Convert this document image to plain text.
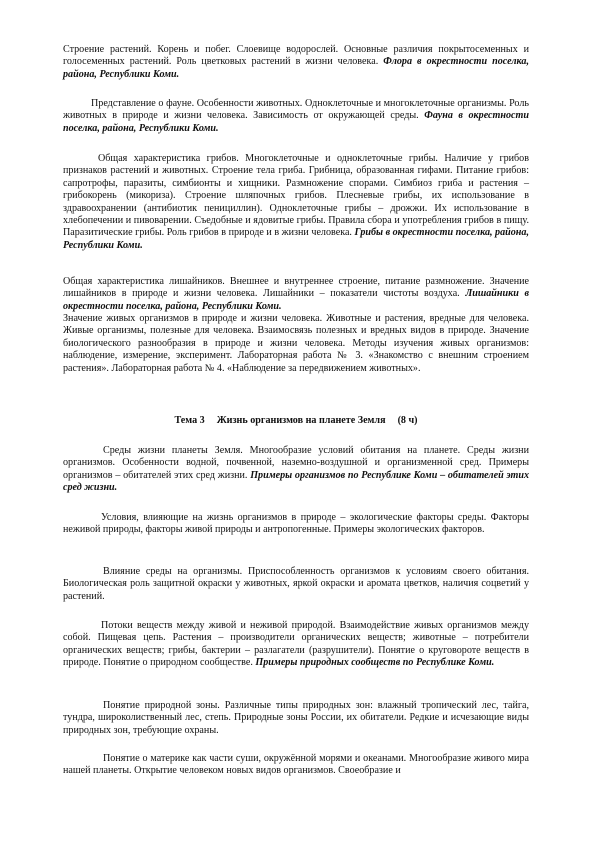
Строение растений. Корень и побег. Слоевище водорослей. Основные различия покрытосеменных и голосеменных растений. Роль цветковых растений в жизни человека. Флора в окрестности поселка, района, Республики Коми.

Представление о фауне. Особенности животных. Одноклеточные и многоклеточные организмы. Роль животных в природе и жизни человека. Зависимость от окружающей среды. Фауна в окрестности поселка, района, Республики Коми.

Общая характеристика грибов. Многоклеточные и одноклеточные грибы. Наличие у грибов признаков растений и животных. Строение тела гриба. Грибница, образованная гифами. Питание грибов: сапротрофы, паразиты, симбионты и хищники. Размножение спорами. Симбиоз гриба и растения – грибокорень (микориза). Строение шляпочных грибов. Плесневые грибы, их использование в здравоохранении (антибиотик пенициллин). Одноклеточные грибы – дрожжи. Их использование в хлебопечении и пивоварении. Съедобные и ядовитые грибы. Правила сбора и употребления грибов в пищу. Паразитические грибы. Роль грибов в природе и в жизни человека. Грибы в окрестности поселка, района, Республики Коми.

Общая характеристика лишайников. Внешнее и внутреннее строение, питание размножение. Значение лишайников в природе и жизни человека. Лишайники – показатели чистоты воздуха. Лишайники в окрестности поселка, района, Республики Коми.

Значение живых организмов в природе и жизни человека. Животные и растения, вредные для человека. Живые организмы, полезные для человека. Взаимосвязь полезных и вредных видов в природе. Значение биологического разнообразия в природе и жизни человека. Методы изучения живых организмов: наблюдение, измерение, эксперимент. Лабораторная работа № 3. «Знакомство с внешним строением растения». Лабораторная работа № 4. «Наблюдение за передвижением животных».

Тема 3 Жизнь организмов на планете Земля (8 ч)

Среды жизни планеты Земля. Многообразие условий обитания на планете. Среды жизни организмов. Особенности водной, почвенной, наземно-воздушной и организменной сред. Примеры организмов – обитателей этих сред жизни. Примеры организмов по Республике Коми – обитателей этих сред жизни.

Условия, влияющие на жизнь организмов в природе – экологические факторы среды. Факторы неживой природы, факторы живой природы и антропогенные. Примеры экологических факторов.

Влияние среды на организмы. Приспособленность организмов к условиям своего обитания. Биологическая роль защитной окраски у животных, яркой окраски и аромата цветков, наличия соцветий у растений.

Потоки веществ между живой и неживой природой. Взаимодействие живых организмов между собой. Пищевая цепь. Растения – производители органических веществ; животные – потребители органических веществ; грибы, бактерии – разлагатели (разрушители). Понятие о круговороте веществ в природе. Понятие о природном сообществе. Примеры природных сообществ по Республике Коми.

Понятие природной зоны. Различные типы природных зон: влажный тропический лес, тайга, тундра, широколиственный лес, степь. Природные зоны России, их обитатели. Редкие и исчезающие виды природных зон, требующие охраны.

Понятие о материке как части суши, окружённой морями и океанами. Многообразие живого мира нашей планеты. Открытие человеком новых видов организмов. Своеобразие и
